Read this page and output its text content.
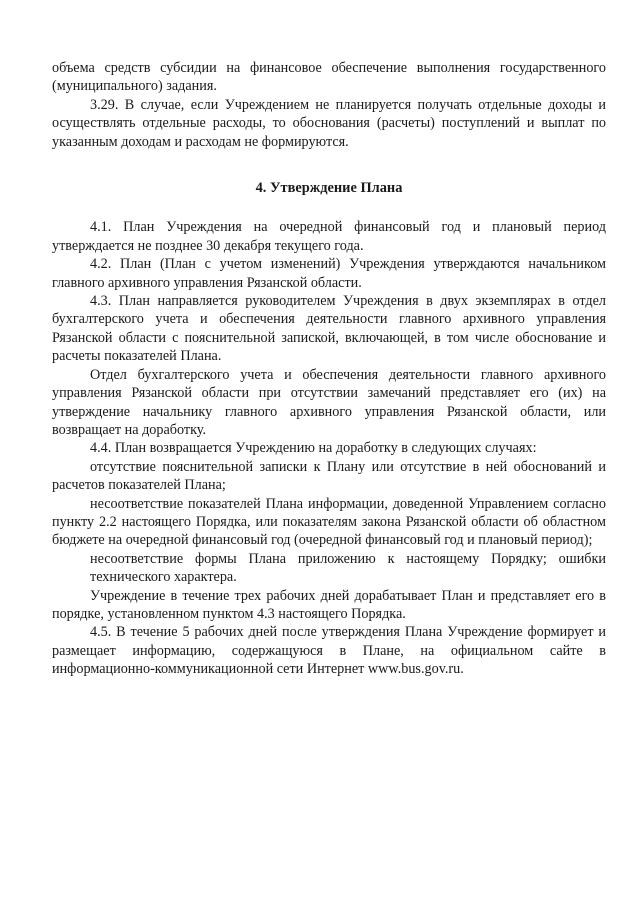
объема средств субсидии на финансовое обеспечение выполнения государственного (муниципального) задания.

3.29. В случае, если Учреждением не планируется получать отдельные доходы и осуществлять отдельные расходы, то обоснования (расчеты) поступлений и выплат по указанным доходам и расходам не формируются.

4. Утверждение Плана

4.1. План Учреждения на очередной финансовый год и плановый период утверждается не позднее 30 декабря текущего года.

4.2. План (План с учетом изменений) Учреждения утверждаются начальником главного архивного управления Рязанской области.

4.3. План направляется руководителем Учреждения в двух экземплярах в отдел бухгалтерского учета и обеспечения деятельности главного архивного управления Рязанской области с пояснительной запиской, включающей, в том числе обоснование и расчеты показателей Плана.

Отдел бухгалтерского учета и обеспечения деятельности главного архивного управления Рязанской области при отсутствии замечаний представляет его (их) на утверждение начальнику главного архивного управления Рязанской области, или возвращает на доработку.

4.4. План возвращается Учреждению на доработку в следующих случаях:

отсутствие пояснительной записки к Плану или отсутствие в ней обоснований и расчетов показателей Плана;

несоответствие показателей Плана информации, доведенной Управлением согласно пункту 2.2 настоящего Порядка, или показателям закона Рязанской области об областном бюджете на очередной финансовый год (очередной финансовый год и плановый период);

несоответствие формы Плана приложению к настоящему Порядку; ошибки технического характера.

Учреждение в течение трех рабочих дней дорабатывает План и представляет его в порядке, установленном пунктом 4.3 настоящего Порядка.

4.5. В течение 5 рабочих дней после утверждения Плана Учреждение формирует и размещает информацию, содержащуюся в Плане, на официальном сайте в информационно-коммуникационной сети Интернет www.bus.gov.ru.
